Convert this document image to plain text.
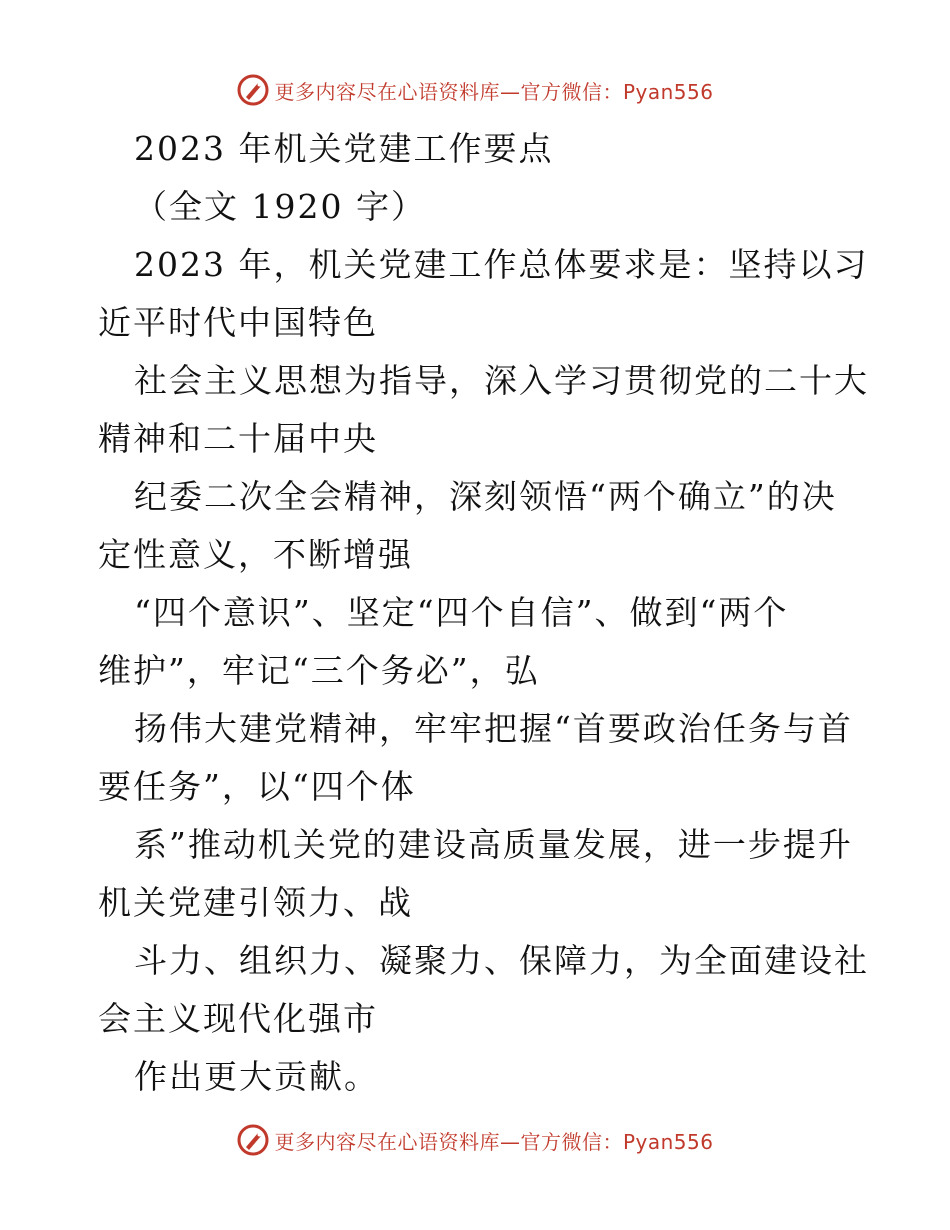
更多内容尽在心语资料库—官方微信：Pyan556
2023 年机关党建工作要点
（全文 1920 字）
2023 年，机关党建工作总体要求是：坚持以习
近平时代中国特色
社会主义思想为指导，深入学习贯彻党的二十大
精神和二十届中央
纪委二次全会精神，深刻领悟“两个确立”的决
定性意义，不断增强
“四个意识”、坚定“四个自信”、做到“两个
维护”，牢记“三个务必”，弘
扬伟大建党精神，牢牢把握“首要政治任务与首
要任务”，以“四个体
系”推动机关党的建设高质量发展，进一步提升
机关党建引领力、战
斗力、组织力、凝聚力、保障力，为全面建设社
会主义现代化强市
作出更大贡献。
更多内容尽在心语资料库—官方微信：Pyan556
